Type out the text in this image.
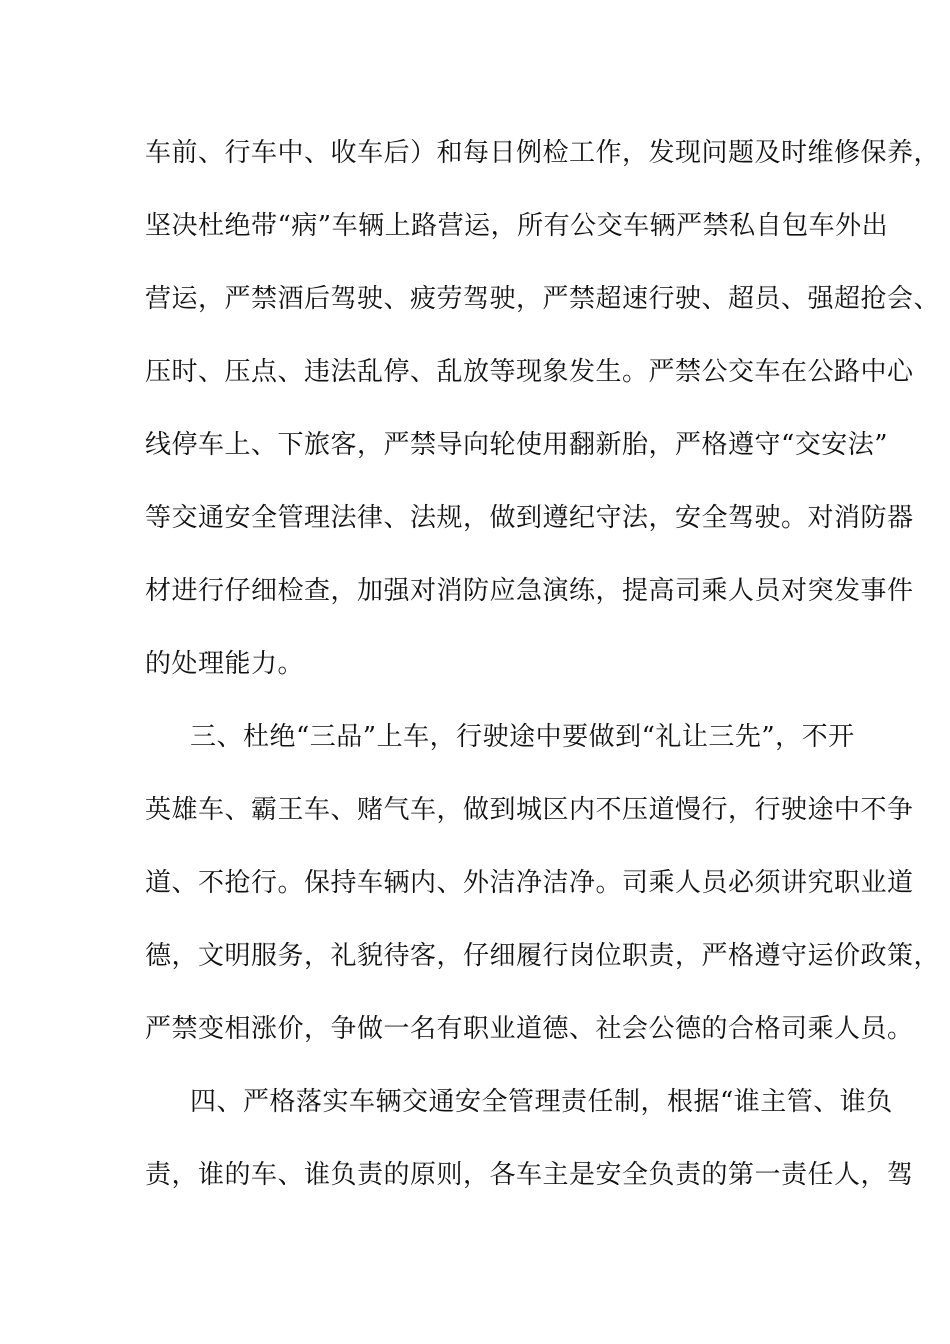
车前、行车中、收车后）和每日例检工作，发现问题及时维修保养，
坚决杜绝带“病”车辆上路营运，所有公交车辆严禁私自包车外出
营运，严禁酒后驾驶、疲劳驾驶，严禁超速行驶、超员、强超抢会、
压时、压点、违法乱停、乱放等现象发生。严禁公交车在公路中心
线停车上、下旅客，严禁导向轮使用翻新胎，严格遵守“交安法”
等交通安全管理法律、法规，做到遵纪守法，安全驾驶。对消防器
材进行仔细检查，加强对消防应急演练，提高司乘人员对突发事件
的处理能力。
三、杜绝“三品”上车，行驶途中要做到“礼让三先”，不开
英雄车、霸王车、赌气车，做到城区内不压道慢行，行驶途中不争
道、不抢行。保持车辆内、外洁净洁净。司乘人员必须讲究职业道
德，文明服务，礼貌待客，仔细履行岗位职责，严格遵守运价政策，
严禁变相涨价，争做一名有职业道德、社会公德的合格司乘人员。
四、严格落实车辆交通安全管理责任制，根据“谁主管、谁负
责，谁的车、谁负责的原则，各车主是安全负责的第一责任人，驾
